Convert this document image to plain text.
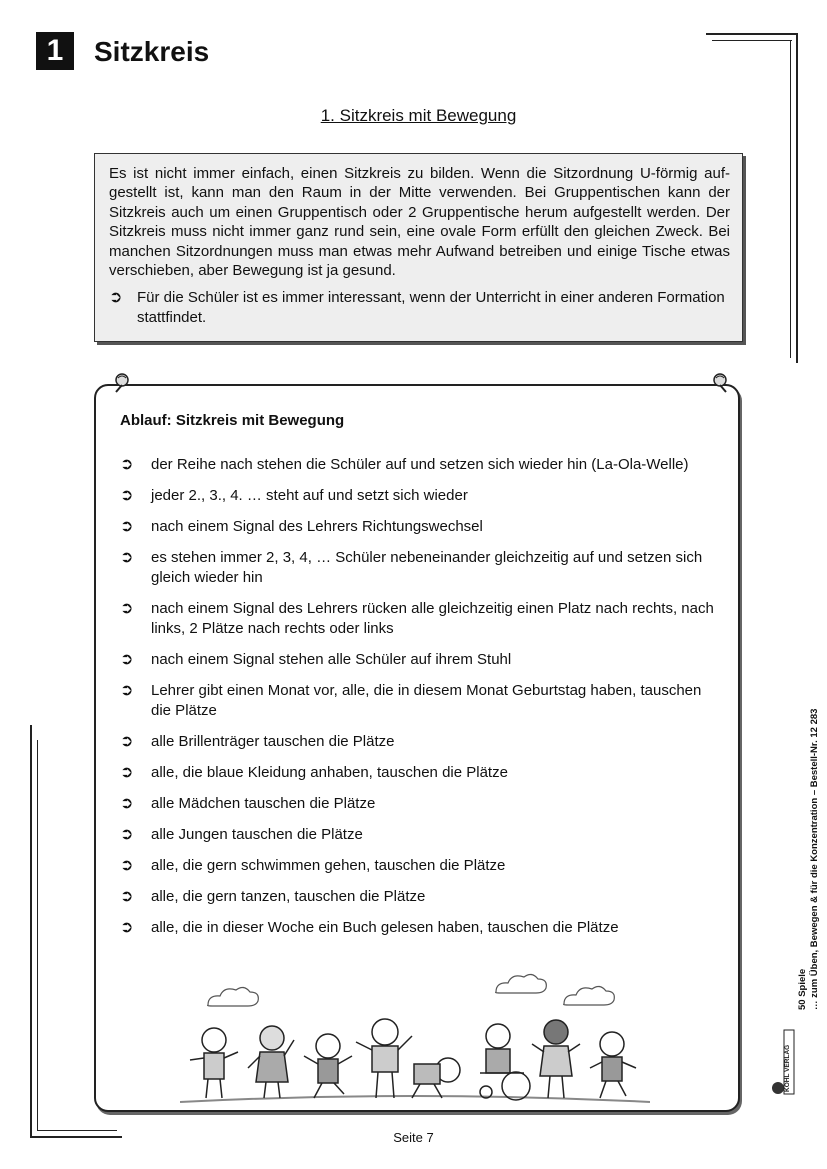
1	Sitzkreis
1. Sitzkreis mit Bewegung

Es ist nicht immer einfach, einen Sitzkreis zu bilden. Wenn die Sitzordnung U-förmig aufgestellt ist, kann man den Raum in der Mitte verwenden. Bei Gruppentischen kann der Sitzkreis auch um einen Gruppentisch oder 2 Gruppentische herum aufgestellt werden. Der Sitzkreis muss nicht immer ganz rund sein, eine ovale Form erfüllt den gleichen Zweck. Bei manchen Sitzordnungen muss man etwas mehr Aufwand betreiben und einige Tische etwas verschieben, aber Bewegung ist ja gesund.

➲ Für die Schüler ist es immer interessant, wenn der Unterricht in einer anderen Formation stattfindet.
Ablauf: Sitzkreis mit Bewegung
➲	der Reihe nach stehen die Schüler auf und setzen sich wieder hin (La-Ola-Welle)
➲	jeder 2., 3., 4. … steht auf und setzt sich wieder
➲	nach einem Signal des Lehrers Richtungswechsel
➲	es stehen immer 2, 3, 4, … Schüler nebeneinander gleichzeitig auf und setzen sich gleich wieder hin
➲	nach einem Signal des Lehrers rücken alle gleichzeitig einen Platz nach rechts, nach links, 2 Plätze nach rechts oder links
➲	nach einem Signal stehen alle Schüler auf ihrem Stuhl
➲	Lehrer gibt einen Monat vor, alle, die in diesem Monat Geburtstag haben, tauschen die Plätze
➲	alle Brillenträger tauschen die Plätze
➲	alle, die blaue Kleidung anhaben, tauschen die Plätze
➲	alle Mädchen tauschen die Plätze
➲	alle Jungen tauschen die Plätze
➲	alle, die gern schwimmen gehen, tauschen die Plätze
➲	alle, die gern tanzen, tauschen die Plätze
➲	alle, die in dieser Woche ein Buch gelesen haben, tauschen die Plätze
KOHL VERLAG
50 Spiele … zum Üben, Bewegen & für die Konzentration – Bestell-Nr. 12 283
Seite 7
